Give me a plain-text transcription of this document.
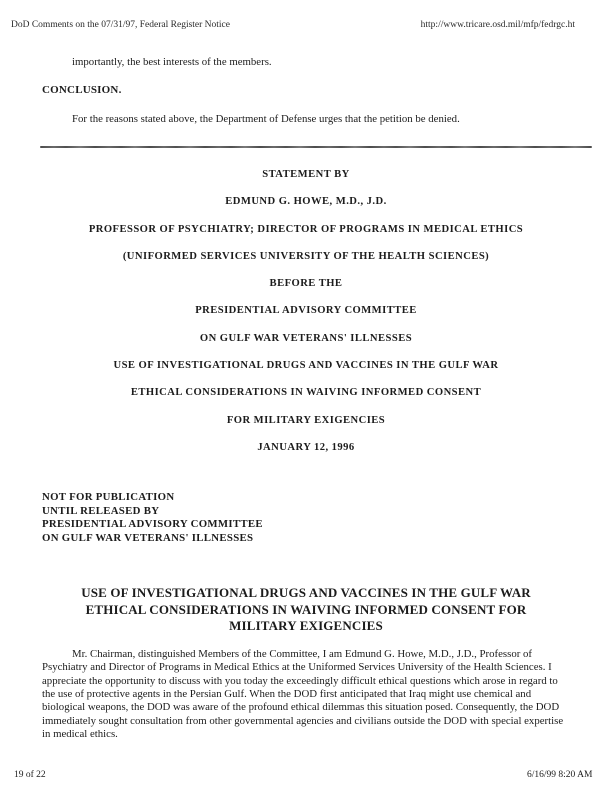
DoD Comments on the 07/31/97, Federal Register Notice	http://www.tricare.osd.mil/mfp/fedrgc.ht
importantly, the best interests of the members.
CONCLUSION.
For the reasons stated above, the Department of Defense urges that the petition be denied.
STATEMENT BY
EDMUND G. HOWE, M.D., J.D.
PROFESSOR OF PSYCHIATRY; DIRECTOR OF PROGRAMS IN MEDICAL ETHICS
(UNIFORMED SERVICES UNIVERSITY OF THE HEALTH SCIENCES)
BEFORE THE
PRESIDENTIAL ADVISORY COMMITTEE
ON GULF WAR VETERANS' ILLNESSES
USE OF INVESTIGATIONAL DRUGS AND VACCINES IN THE GULF WAR
ETHICAL CONSIDERATIONS IN WAIVING INFORMED CONSENT
FOR MILITARY EXIGENCIES
JANUARY 12, 1996
NOT FOR PUBLICATION
UNTIL RELEASED BY
PRESIDENTIAL ADVISORY COMMITTEE
ON GULF WAR VETERANS' ILLNESSES
USE OF INVESTIGATIONAL DRUGS AND VACCINES IN THE GULF WAR
ETHICAL CONSIDERATIONS IN WAIVING INFORMED CONSENT FOR
MILITARY EXIGENCIES
Mr. Chairman, distinguished Members of the Committee, I am Edmund G. Howe, M.D., J.D., Professor of Psychiatry and Director of Programs in Medical Ethics at the Uniformed Services University of the Health Sciences. I appreciate the opportunity to discuss with you today the exceedingly difficult ethical questions which arose in regard to the use of protective agents in the Persian Gulf. When the DOD first anticipated that Iraq might use chemical and biological weapons, the DOD was aware of the profound ethical dilemmas this situation posed. Consequently, the DOD immediately sought consultation from other governmental agencies and civilians outside the DOD with special expertise in medical ethics.
19 of 22	6/16/99 8:20 AM
